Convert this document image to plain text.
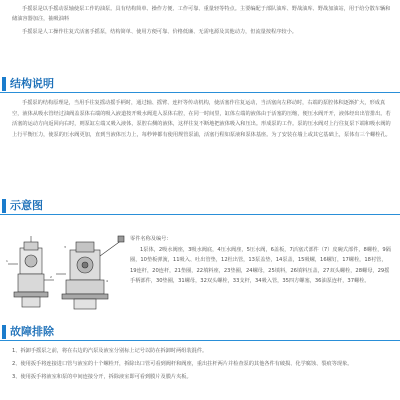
手摇泵是以手摇动泵轴使泵工作的油泵。具有结构简单、操作方便、工作可靠、重量轻等特点。主要编配于部队油库、野战油库、野战加油站，用于给分散车辆和储油容器加注，抽吸油料

手摇泵是人工操作往复式活塞手摇泵，结构简单、使用方便可靠、价格低廉、无需电源及其他动力，但流量按程序较小。

结构说明
手摇泵的结构原理是，当用手往复摇动摇手柄时，通过轴、摇臂、连杆等传动机构，使活塞作往复运动，当活塞向左移动时，右端的泵腔体积逐渐扩大，形成真空，液体从吸水管经过油阀盖泵体右端的吸入液道按开吸水阀进入泵体右腔，在同一时间里，缸体左端的液体由于活塞的压缩，便压水阀开开，液体经出出管排出。若活塞的运动方向返回向右时，则泵缸左端又吸入液体，泵腔右侧的液体，这样往复不断地把液体吸入和压出。形成泵的工作。泵的压水阀对上行往复泵下端和吸水阀的上行平衡压力，使泵的压水阀更加，直到当液体压力上，每秒钟都有使用规管泵浦，活塞行程如泵液和泵体基座。为了安装在墙上或其它基础上，泵体有三个螺栓孔。
示意图
1
2
3
4
零件名称及编号：
1泵体，2吸水阀座，3吸水阀底，4压水阀座，5压水阀，6盖板，7活塞式部件（7）皮碗式部件，8螺栓，9隔圈，10垫板弹簧，11吸入、吐出管垫，12杜出管，13泵盖垫，14泵盖，15吸螺，16螺钉，17螺栓，18衬管，19连杆，20连杆，21垫圈，22填料座，23垫圈，24螺母，25填料，26填料压盖，27双头螺栓，28螺母，29摇手柄部件，30垫圈，31螺母，32双头螺栓，33支杆，34吸入管，35四方螺塞，36油泵连杆，37螺栓。
故障排除

1、拆卸手摇泵之前，将在右边的汽泵及液室分别标上记号以防在拆卸时两组装混件。

2、使用扳手将连接进口管与液室的十个螺栓开，拆除出口管可看到阀杆和阀座，重出拄杆两片并检查泵的其他各件有破损、化学腐蚀、裂痕等现象。

3、使用扳手将液室和泵的中间连接分开，拆除液室即可看到膜片及膜片夹板。
